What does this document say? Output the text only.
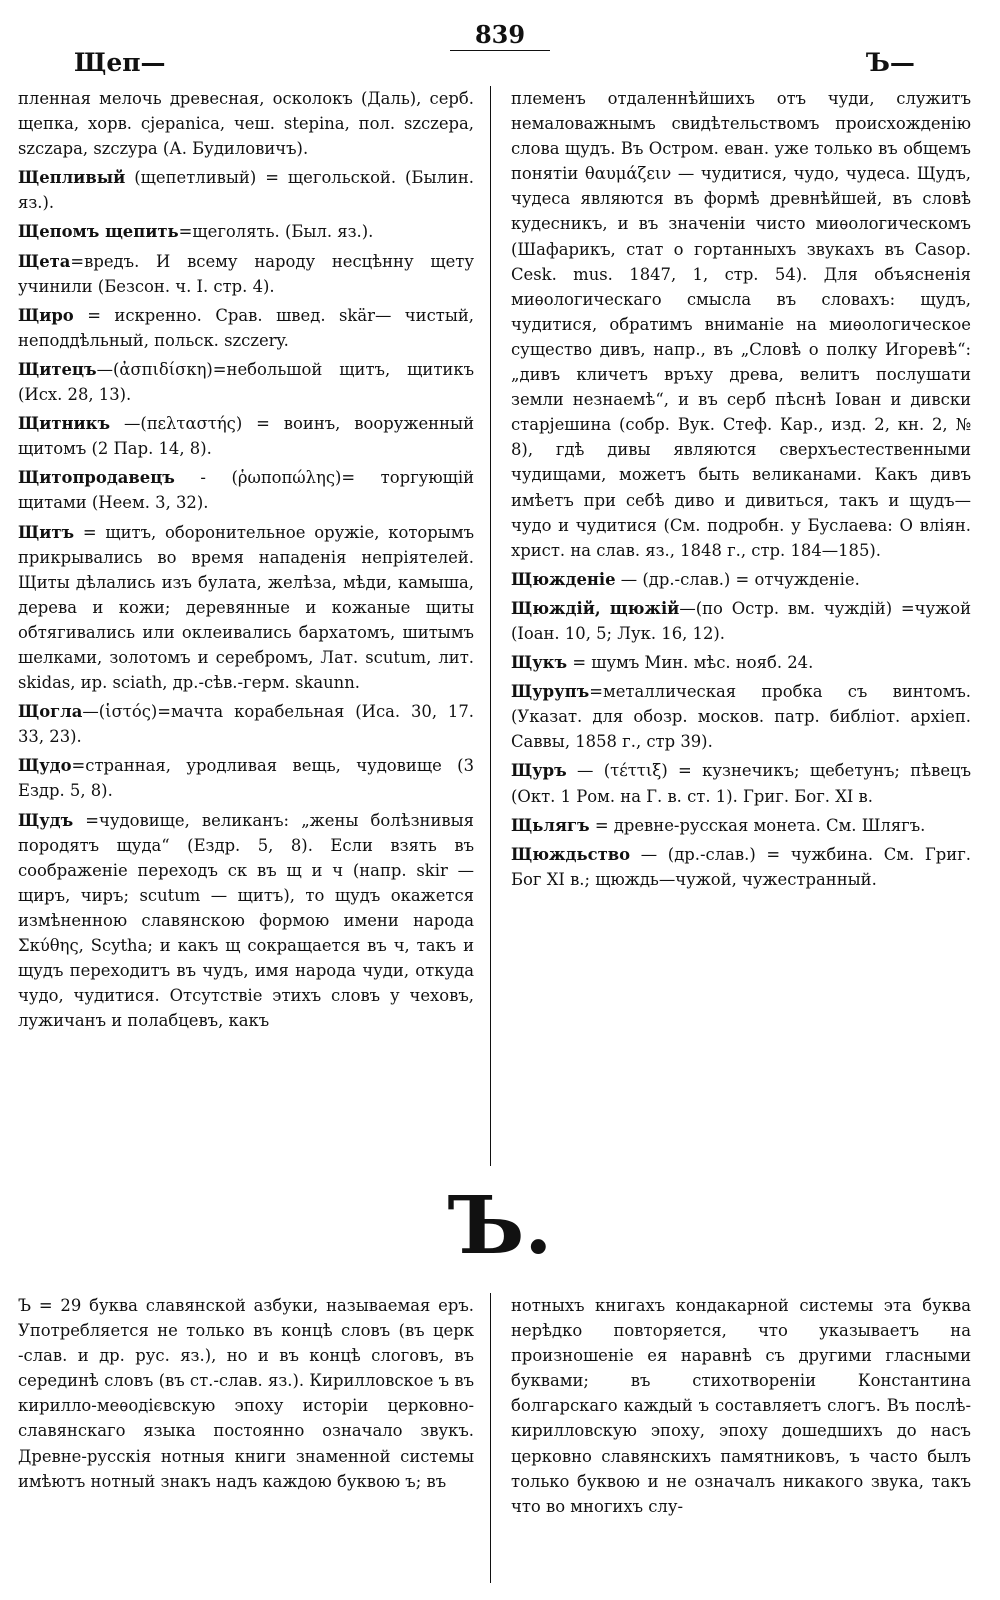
839
Щеп—	Ъ—

пленная мелочь древесная, осколокъ (Даль), серб. щепка, хорв. cjepanica, чеш. stepina, пол. szczepa, szczapa, szczypa (А. Будиловичъ).

Щепливый (щепетливый) = щегольской. (Былин. яз.).

Щепомъ щепить=щеголять. (Был. яз.).

Щета=вредъ. И всему народу несцѣнну щету учинили (Безсон. ч. I. стр. 4).

Щиро = искренно. Срав. швед. skär— чистый, неподдѣльный, польск. szczery.

Щитецъ—(ἀσπιδίσκη)=небольшой щитъ, щитикъ (Исх. 28, 13).

Щитникъ —(πελταστής) = воинъ, вооруженный щитомъ (2 Пар. 14, 8).

Щитопродавецъ - (ῥωποπώλης)= торгующій щитами (Неем. 3, 32).

Щитъ = щитъ, оборонительное оружіе, которымъ прикрывались во время нападенія непріятелей. Щиты дѣлались изъ булата, желѣза, мѣди, камыша, дерева и кожи; деревянные и кожаные щиты обтягивались или оклеивались бархатомъ, шитымъ шелками, золотомъ и серебромъ, Лат. scutum, лит. skidas, ир. sciath, др.-сѣв.-герм. skaunn.

Щогла—(ἱστός)=мачта корабельная (Иса. 30, 17. 33, 23).

Щудо=странная, уродливая вещь, чудовище (3 Ездр. 5, 8).

Щудъ =чудовище, великанъ: „жены болѣзнивыя породятъ щуда“ (Ездр. 5, 8). Если взять въ соображеніе переходъ ск въ щ и ч (напр. skir — щиръ, чиръ; scutum — щитъ), то щудъ окажется измѣненною славянскою формою имени народа Σκύθης, Scytha; и какъ щ сокращается въ ч, такъ и щудъ переходитъ въ чудъ, имя народа чуди, откуда чудо, чудитися. Отсутствіе этихъ словъ у чеховъ, лужичанъ и полабцевъ, какъ

племенъ отдаленнѣйшихъ отъ чуди, служитъ немаловажнымъ свидѣтельствомъ происхожденію слова щудъ. Въ Остром. еван. уже только въ общемъ понятіи θαυμάζειν — чудитися, чудо, чудеса. Щудъ, чудеса являются въ формѣ древнѣйшей, въ словѣ кудесникъ, и въ значеніи чисто миѳологическомъ (Шафарикъ, стат о гортанныхъ звукахъ въ Casop. Cesk. mus. 1847, 1, стр. 54). Для объясненія миѳологическаго смысла въ словахъ: щудъ, чудитися, обратимъ вниманіе на миѳологическое существо дивъ, напр., въ „Словѣ о полку Игоревѣ“: „дивъ кличетъ връху древа, велитъ послушати земли незнаемѣ“, и въ серб пѣснѣ Іован и дивски старјешина (собр. Вук. Стеф. Кар., изд. 2, кн. 2, № 8), гдѣ дивы являются сверхъестественными чудищами, можетъ быть великанами. Какъ дивъ имѣетъ при себѣ диво и дивиться, такъ и щудъ— чудо и чудитися (См. подробн. у Буслаева: О влiян. христ. на слав. яз., 1848 г., стр. 184—185).

Щюжденіе — (др.-слав.) = отчужденіе.

Щюждій, щюжій—(по Остр. вм. чуждій) =чужой (Іоан. 10, 5; Лук. 16, 12).

Щукъ = шумъ Мин. мѣс. нояб. 24.

Щурупъ=металлическая пробка съ винтомъ. (Указат. для обозр. москов. патр. библiот. архiеп. Саввы, 1858 г., стр 39).

Щуръ — (τέττιξ) = кузнечикъ; щебетунъ; пѣвецъ (Окт. 1 Ром. на Г. в. ст. 1). Григ. Бог. XI в.

Щьлягъ = древне-русская монета. См. Шлягъ.

Щюждьство — (др.-слав.) = чужбина. См. Григ. Бог XI в.; щюждь—чужой, чужестранный.

Ъ.
Ъ = 29 буква славянской азбуки, называемая еръ. Употребляется не только въ концѣ словъ (въ церк -слав. и др. рус. яз.), но и въ концѣ слоговъ, въ серединѣ словъ (въ ст.-слав. яз.). Кирилловское ъ въ кирилло-меѳодієвскую эпоху исторiи церковно-славянскаго языка постоянно означало звукъ. Древне-русскія нотныя книги знаменной системы имѣютъ нотный знакъ надъ каждою буквою ъ; въ
нотныхъ книгахъ кондакарной системы эта буква нерѣдко повторяется, что указываетъ на произношеніе ея наравнѣ съ другими гласными буквами; въ стихотвореніи Константина болгарскаго каждый ъ составляетъ слогъ. Въ послѣ-кирилловскую эпоху, эпоху дошедшихъ до насъ церковно славянскихъ памятниковъ, ъ часто былъ только буквою и не означалъ никакого звука, такъ что во многихъ слу-
